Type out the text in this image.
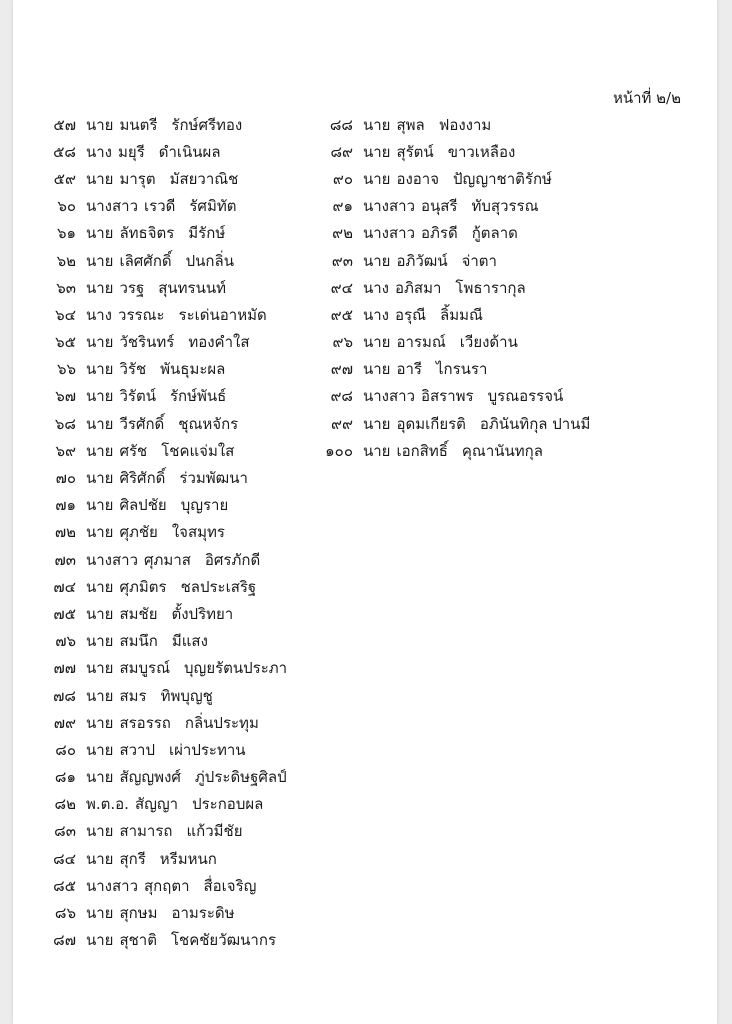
หน้าที่ ๒/๒
๕๗ นาย มนตรี รักษ์ศรีทอง
๕๘ นาง มยุรี ดำเนินผล
๕๙ นาย มารุต มัสยวาณิช
๖๐ นางสาว เรวดี รัศมิทัต
๖๑ นาย ลัทธจิตร มีรักษ์
๖๒ นาย เลิศศักดิ์ ปนกลิ่น
๖๓ นาย วรฐ สุนทรนนท์
๖๔ นาง วรรณะ ระเด่นอาหมัด
๖๕ นาย วัชรินทร์ ทองคำใส
๖๖ นาย วิรัช พันธุมะผล
๖๗ นาย วิรัตน์ รักษ์พันธ์
๖๘ นาย วีรศักดิ์ ชุณหจักร
๖๙ นาย ศรัช โชคแจ่มใส
๗๐ นาย ศิริศักดิ์ ร่วมพัฒนา
๗๑ นาย ศิลปชัย บุญราย
๗๒ นาย ศุภชัย ใจสมุทร
๗๓ นางสาว ศุภมาส อิศรภักดี
๗๔ นาย ศุภมิตร ชลประเสริฐ
๗๕ นาย สมชัย ตั้งปริทยา
๗๖ นาย สมนึก มีแสง
๗๗ นาย สมบูรณ์ บุญยรัตนประภา
๗๘ นาย สมร ทิพบุญชู
๗๙ นาย สรอรรถ กลิ่นประทุม
๘๐ นาย สวาป เผ่าประทาน
๘๑ นาย สัญญพงศ์ ภู่ประดิษฐศิลป์
๘๒ พ.ต.อ. สัญญา ประกอบผล
๘๓ นาย สามารถ แก้วมีชัย
๘๔ นาย สุกรี หรีมหนก
๘๕ นางสาว สุกฤตา สื่อเจริญ
๘๖ นาย สุกษม อามระดิษ
๘๗ นาย สุชาติ โชคชัยวัฒนากร
๘๘ นาย สุพล ฟองงาม
๘๙ นาย สุรัตน์ ขาวเหลือง
๙๐ นาย องอาจ ปัญญาชาติรักษ์
๙๑ นางสาว อนุสรี ทับสุวรรณ
๙๒ นางสาว อภิรดี กู้ตลาด
๙๓ นาย อภิวัฒน์ จ่าตา
๙๔ นาง อภิสมา โพธารากุล
๙๕ นาง อรุณี ลิ้มมณี
๙๖ นาย อารมณ์ เวียงด้าน
๙๗ นาย อารี ไกรนรา
๙๘ นางสาว อิสราพร บูรณอรรจน์
๙๙ นาย อุดมเกียรติ อภินันทิกุล ปานมี
๑๐๐ นาย เอกสิทธิ์ คุณานันทกุล
